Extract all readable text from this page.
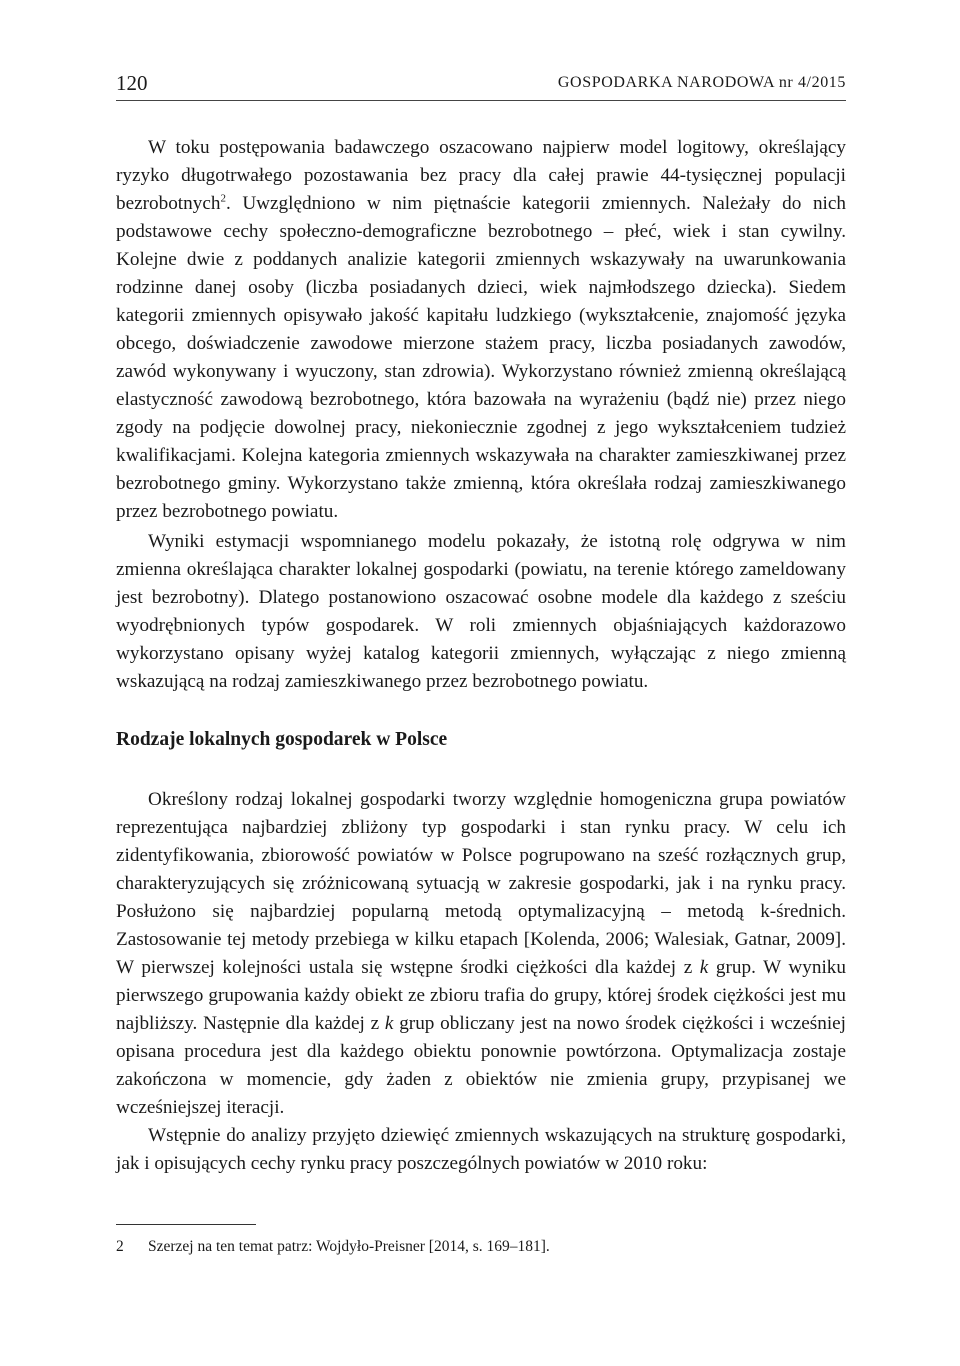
120	GOSPODARKA NARODOWA nr 4/2015

W toku postępowania badawczego oszacowano najpierw model logitowy, określający ryzyko długotrwałego pozostawania bez pracy dla całej prawie 44-tysięcznej populacji bezrobotnych$^2$. Uwzględniono w nim piętnaście kategorii zmiennych. Należały do nich podstawowe cechy społeczno-demograficzne bezrobotnego – płeć, wiek i stan cywilny. Kolejne dwie z poddanych analizie kategorii zmiennych wskazywały na uwarunkowania rodzinne danej osoby (liczba posiadanych dzieci, wiek najmłodszego dziecka). Siedem kategorii zmiennych opisywało jakość kapitału ludzkiego (wykształcenie, znajomość języka obcego, doświadczenie zawodowe mierzone stażem pracy, liczba posiadanych zawodów, zawód wykonywany i wyuczony, stan zdrowia). Wykorzystano również zmienną określającą elastyczność zawodową bezrobotnego, która bazowała na wyrażeniu (bądź nie) przez niego zgody na podjęcie dowolnej pracy, niekoniecznie zgodnej z jego wykształceniem tudzież kwalifikacjami. Kolejna kategoria zmiennych wskazywała na charakter zamieszkiwanej przez bezrobotnego gminy. Wykorzystano także zmienną, która określała rodzaj zamieszkiwanego przez bezrobotnego powiatu.

Wyniki estymacji wspomnianego modelu pokazały, że istotną rolę odgrywa w nim zmienna określająca charakter lokalnej gospodarki (powiatu, na terenie którego zameldowany jest bezrobotny). Dlatego postanowiono oszacować osobne modele dla każdego z sześciu wyodrębnionych typów gospodarek. W roli zmiennych objaśniających każdorazowo wykorzystano opisany wyżej katalog kategorii zmiennych, wyłączając z niego zmienną wskazującą na rodzaj zamieszkiwanego przez bezrobotnego powiatu.

Rodzaje lokalnych gospodarek w Polsce

Określony rodzaj lokalnej gospodarki tworzy względnie homogeniczna grupa powiatów reprezentująca najbardziej zbliżony typ gospodarki i stan rynku pracy. W celu ich zidentyfikowania, zbiorowość powiatów w Polsce pogrupowano na sześć rozłącznych grup, charakteryzujących się zróżnicowaną sytuacją w zakresie gospodarki, jak i na rynku pracy. Posłużono się najbardziej popularną metodą optymalizacyjną – metodą k-średnich. Zastosowanie tej metody przebiega w kilku etapach [Kolenda, 2006; Walesiak, Gatnar, 2009]. W pierwszej kolejności ustala się wstępne środki ciężkości dla każdej z k grup. W wyniku pierwszego grupowania każdy obiekt ze zbioru trafia do grupy, której środek ciężkości jest mu najbliższy. Następnie dla każdej z k grup obliczany jest na nowo środek ciężkości i wcześniej opisana procedura jest dla każdego obiektu ponownie powtórzona. Optymalizacja zostaje zakończona w momencie, gdy żaden z obiektów nie zmienia grupy, przypisanej we wcześniejszej iteracji.

Wstępnie do analizy przyjęto dziewięć zmiennych wskazujących na strukturę gospodarki, jak i opisujących cechy rynku pracy poszczególnych powiatów w 2010 roku:

2	Szerzej na ten temat patrz: Wojdyło-Preisner [2014, s. 169–181].
